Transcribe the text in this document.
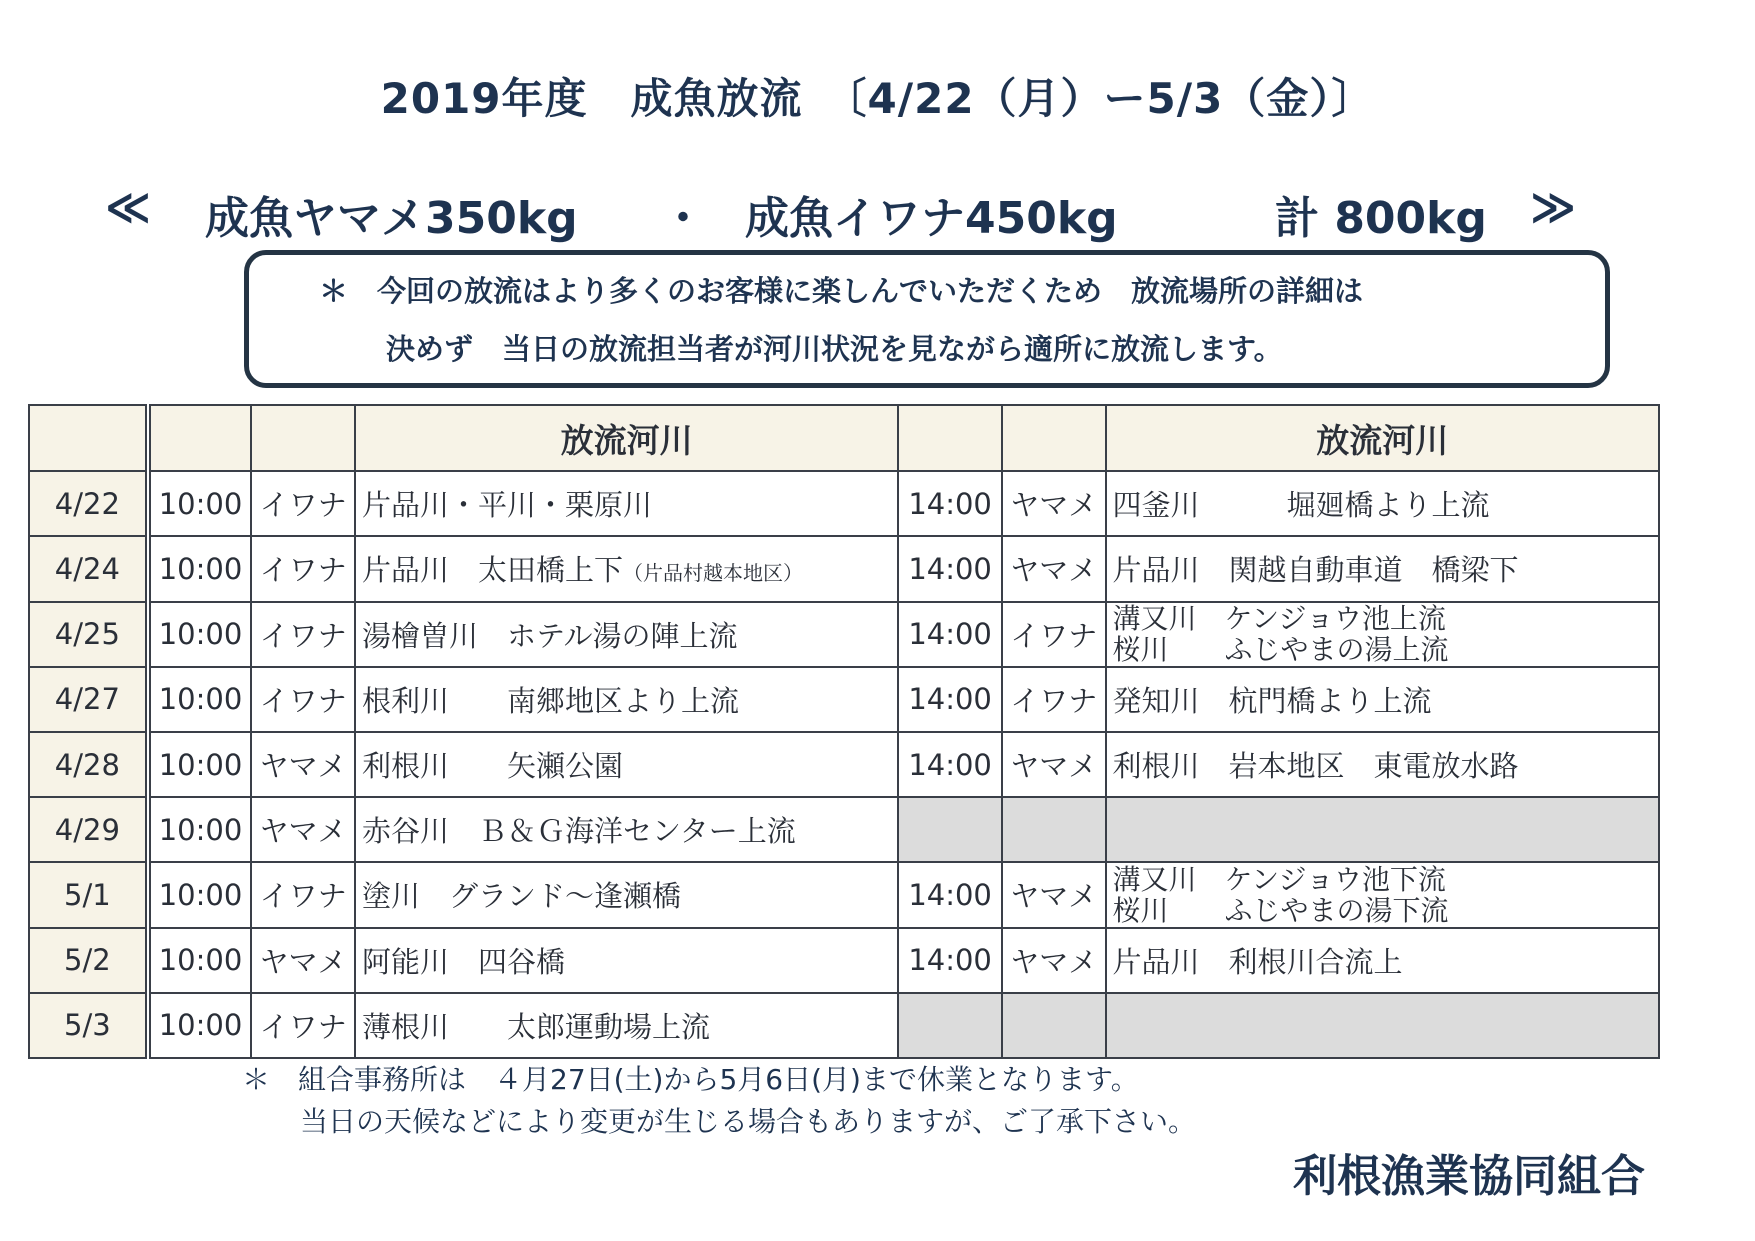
2019年度　成魚放流　〔4/22（月）ー5/3（金）〕
≪ 成魚ヤマメ350kg ・ 成魚イワナ450kg	計 800kg ≫
＊　今回の放流はより多くのお客様に楽しんでいただくため　放流場所の詳細は
決めず　当日の放流担当者が河川状況を見ながら適所に放流します。
			放流河川			放流河川
4/22	10:00	イワナ	片品川・平川・栗原川	14:00	ヤマメ	四釜川　　　堀廻橋より上流
4/24	10:00	イワナ	片品川　太田橋上下（片品村越本地区）	14:00	ヤマメ	片品川　関越自動車道　橋梁下
4/25	10:00	イワナ	湯檜曽川　ホテル湯の陣上流	14:00	イワナ	溝又川　ケンジョウ池上流
桜川　　ふじやまの湯上流
4/27	10:00	イワナ	根利川　　南郷地区より上流	14:00	イワナ	発知川　杭門橋より上流
4/28	10:00	ヤマメ	利根川　　矢瀬公園	14:00	ヤマメ	利根川　岩本地区　東電放水路
4/29	10:00	ヤマメ	赤谷川　Ｂ＆Ｇ海洋センター上流			
5/1	10:00	イワナ	塗川　グランド～逢瀬橋	14:00	ヤマメ	溝又川　ケンジョウ池下流
桜川　　ふじやまの湯下流
5/2	10:00	ヤマメ	阿能川　四谷橋	14:00	ヤマメ	片品川　利根川合流上
5/3	10:00	イワナ	薄根川　　太郎運動場上流			
＊　組合事務所は　４月27日(土)から5月6日(月)まで休業となります。
当日の天候などにより変更が生じる場合もありますが、ご了承下さい。
利根漁業協同組合
